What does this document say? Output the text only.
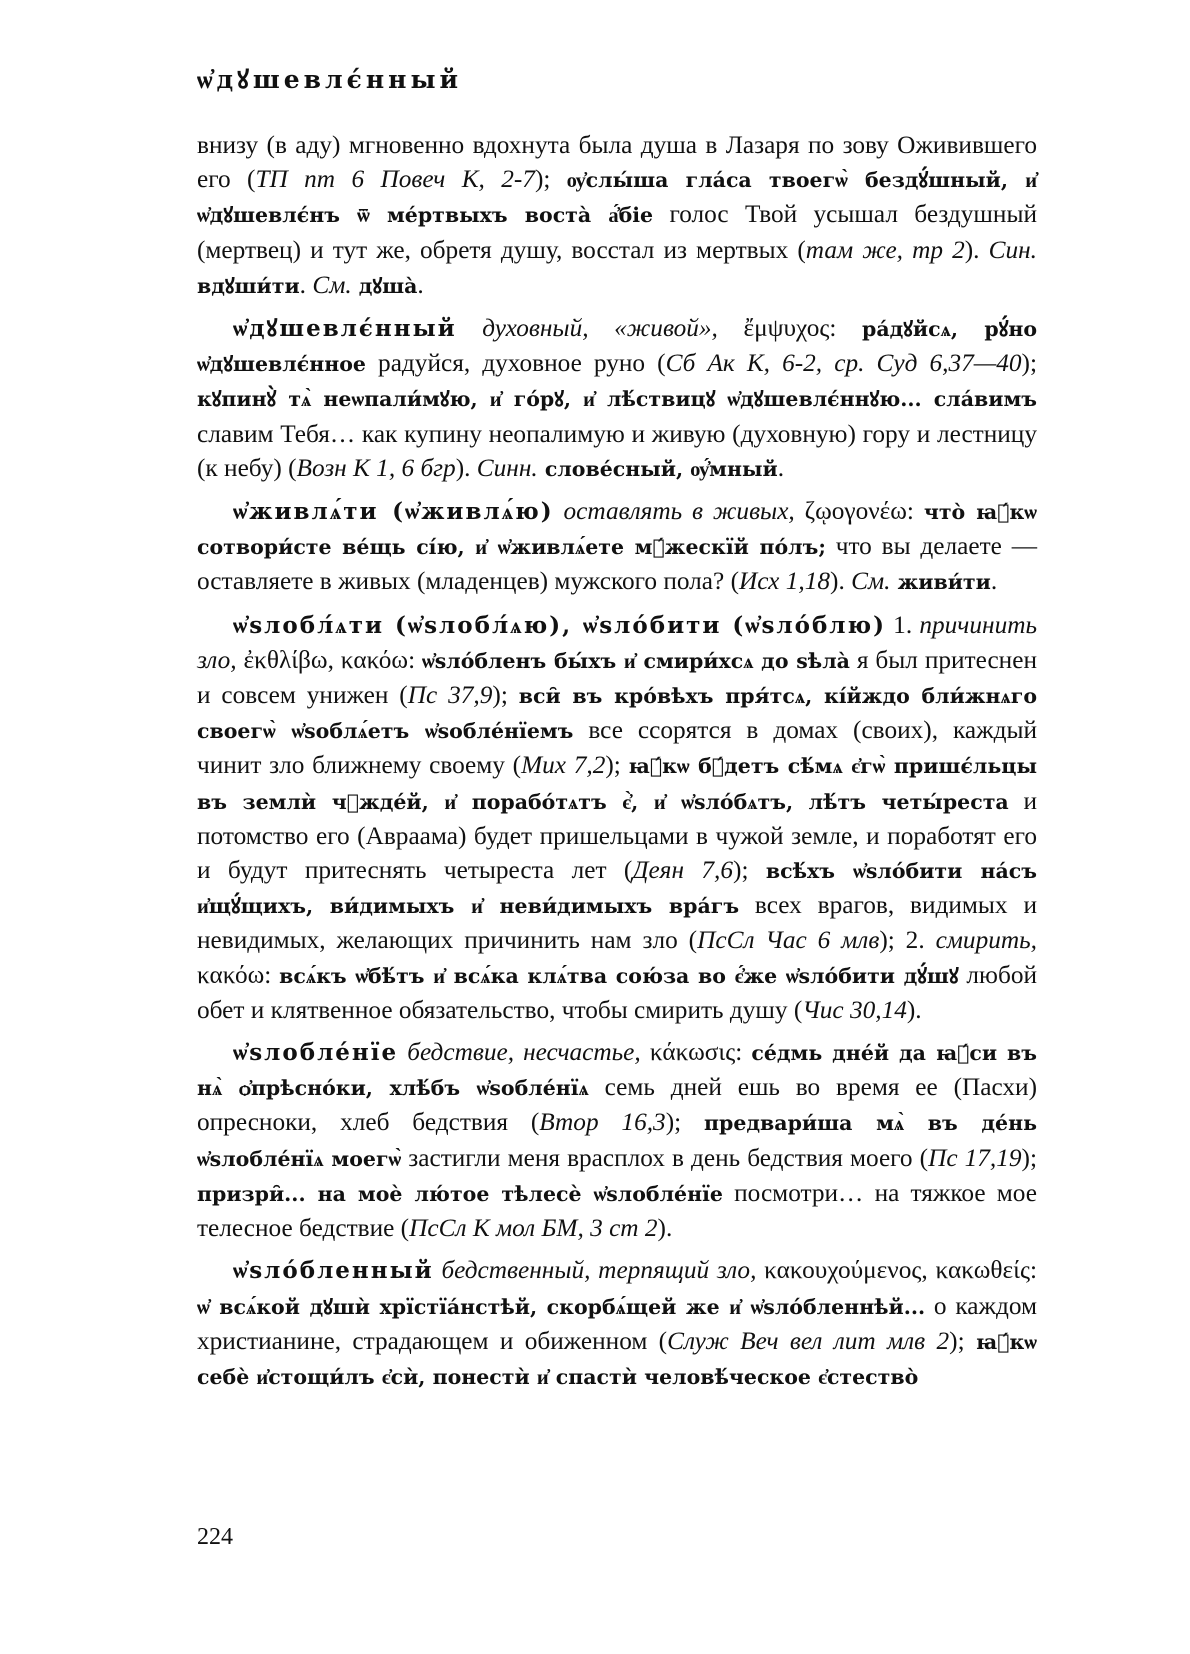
ѡ҆дꙋшевлє́нный

внизу (в аду) мгновенно вдохнута была душа в Лазаря по зову Оживившего его (ТП пт 6 Повеч К, 2-7); ѹ҆слы́ша гла́са твоегѡ̀ бездꙋ́шный, и҆ ѡ҆дꙋшевлє́нъ ѿ ме́ртвыхъ воста̀ а҆́біе голос Твой усышал бездушный (мертвец) и тут же, обретя душу, восстал из мертвых (там же, тр 2). Син. вдꙋши́ти. См. дꙋша̀.

ѡ҆дꙋшевлє́нный духовный, «живой», ἔμψυχος: ра́дꙋйсѧ, рꙋ́но ѡ҆дꙋшевлє́нное радуйся, духовное руно (Сб Ак К, 6-2, ср. Суд 6,37—40); кꙋпинꙋ̀ тѧ̀ неѡпали́мꙋю, и҆ го́рꙋ, и҆ лѣ́ствицꙋ ѡ҆дꙋшевлє́ннꙋю... сла́вимъ славим Тебя… как купину неопалимую и живую (духовную) гору и лестницу (к небу) (Возн К 1, 6 бгр). Синн. слове́сный, ѹ҆́мный.

ѡ҆живлѧ́ти (ѡ҆живлѧ́ю) оставлять в живых, ζῳογονέω: что̀ ꙗ҆́кѡ сотвори́сте ве́щь сі́ю, и҆ ѡ҆живлѧ́ете мꙋ́жескїй по́лъ; что вы делаете — оставляете в живых (младенцев) мужского пола? (Исх 1,18). См. живи́ти.

ѡ҆ѕлобл́ѧти (ѡ҆ѕлобл́ѧю), ѡ҆ѕло́бити (ѡ҆ѕло́блю) 1. причинить зло, ἐκθλίβω, κακόω: ѡ҆ѕло́бленъ бы́хъ и҆ смири́хсѧ до ѕѣла̀ я был притеснен и совсем унижен (Пс 37,9); вси̑ въ кро́вѣхъ пря́тсѧ, кі́йждо бли́жнѧго своегѡ̀ ѡ҆ѕоблѧ́етъ ѡ҆ѕобле́нїемъ все ссорятся в домах (своих), каждый чинит зло ближнему своему (Мих 7,2); ꙗ҆́кѡ бꙋ́детъ сѣ́мѧ є҆гѡ̀ пришє́льцы въ землѝ чꙋжде́й, и҆ порабо́тѧтъ є҆̀, и҆ ѡ҆ѕло́бѧтъ, лѣ́тъ четы́реста и потомство его (Авраама) будет пришельцами в чужой земле, и поработят его и будут притеснять четыреста лет (Деян 7,6); всѣ́хъ ѡ҆ѕло́бити на́съ и҆щꙋ́щихъ, ви́димыхъ и҆ неви́димыхъ вра́гъ всех врагов, видимых и невидимых, желающих причинить нам зло (ПсСл Час 6 млв); 2. смирить, κακόω: всѧ́къ ѡ҆бѣ́тъ и҆ всѧ́ка клѧ́тва сою́за во є҆́же ѡ҆ѕло́бити дꙋ́шꙋ любой обет и клятвенное обязательство, чтобы смирить душу (Чис 30,14).

ѡ҆ѕлобле́нїе бедствие, несчастье, κάκωσις: се́дмь дне́й да ꙗ҆́си въ нѧ̀ ѻ҆прѣсно́ки, хлѣ́бъ ѡ҆ѕобле́нїѧ семь дней ешь во время ее (Пасхи) опресноки, хлеб бедствия (Втор 16,3); предвари́ша мѧ̀ въ де́нь ѡ҆ѕлобле́нїѧ моегѡ̀ застигли меня врасплох в день бедствия моего (Пс 17,19); призри̑... на моѐ лю́тое тѣлесѐ ѡ҆ѕлобле́нїе посмотри… на тяжкое мое телесное бедствие (ПсСл К мол БМ, 3 ст 2).

ѡ҆ѕло́бленный бедственный, терпящий зло, κακουχούμενος, κακωθείς: ѡ҆ всѧ́кой дꙋшѝ хрїстїа́нстѣй, скорбѧ́щей же и҆ ѡ҆ѕло́бленнѣй... о каждом христианине, страдающем и обиженном (Служ Веч вел лит млв 2); ꙗ҆́кѡ себѐ и҆стощи́лъ є҆сѝ, понестѝ и҆ спастѝ человѣ́ческое є҆стество̀

224
